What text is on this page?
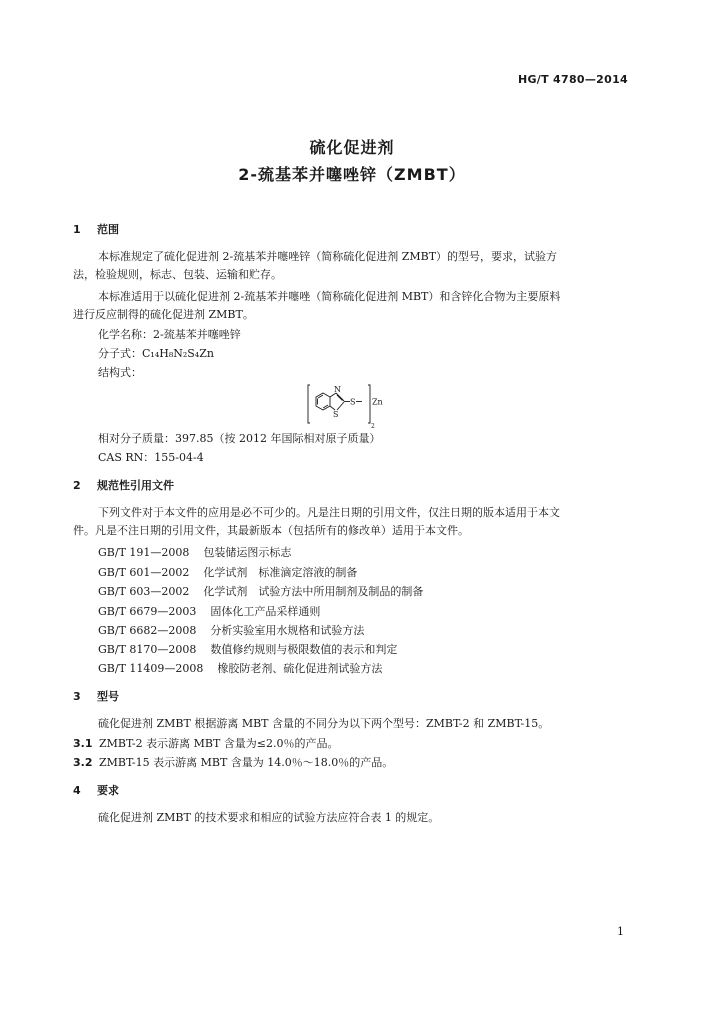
HG/T 4780—2014
硫化促进剂
2-巯基苯并噻唑锌（ZMBT）
1 范围
本标准规定了硫化促进剂 2-巯基苯并噻唑锌（简称硫化促进剂 ZMBT）的型号，要求，试验方
法，检验规则，标志、包装、运输和贮存。
本标准适用于以硫化促进剂 2-巯基苯并噻唑（简称硫化促进剂 MBT）和含锌化合物为主要原料
进行反应制得的硫化促进剂 ZMBT。
化学名称：2-巯基苯并噻唑锌
分子式：C₁₄H₈N₂S₄Zn
结构式：
N
S
S Zn
2
相对分子质量：397.85（按 2012 年国际相对原子质量）
CAS RN：155-04-4
2 规范性引用文件
下列文件对于本文件的应用是必不可少的。凡是注日期的引用文件，仅注日期的版本适用于本文
件。凡是不注日期的引用文件，其最新版本（包括所有的修改单）适用于本文件。
GB/T 191—2008 包装储运图示标志
GB/T 601—2002 化学试剂　标准滴定溶液的制备
GB/T 603—2002 化学试剂　试验方法中所用制剂及制品的制备
GB/T 6679—2003 固体化工产品采样通则
GB/T 6682—2008 分析实验室用水规格和试验方法
GB/T 8170—2008 数值修约规则与极限数值的表示和判定
GB/T 11409—2008 橡胶防老剂、硫化促进剂试验方法
3 型号
硫化促进剂 ZMBT 根据游离 MBT 含量的不同分为以下两个型号：ZMBT-2 和 ZMBT-15。
3.1 ZMBT-2 表示游离 MBT 含量为≤2.0％的产品。
3.2 ZMBT-15 表示游离 MBT 含量为 14.0％～18.0％的产品。
4 要求
硫化促进剂 ZMBT 的技术要求和相应的试验方法应符合表 1 的规定。
1
